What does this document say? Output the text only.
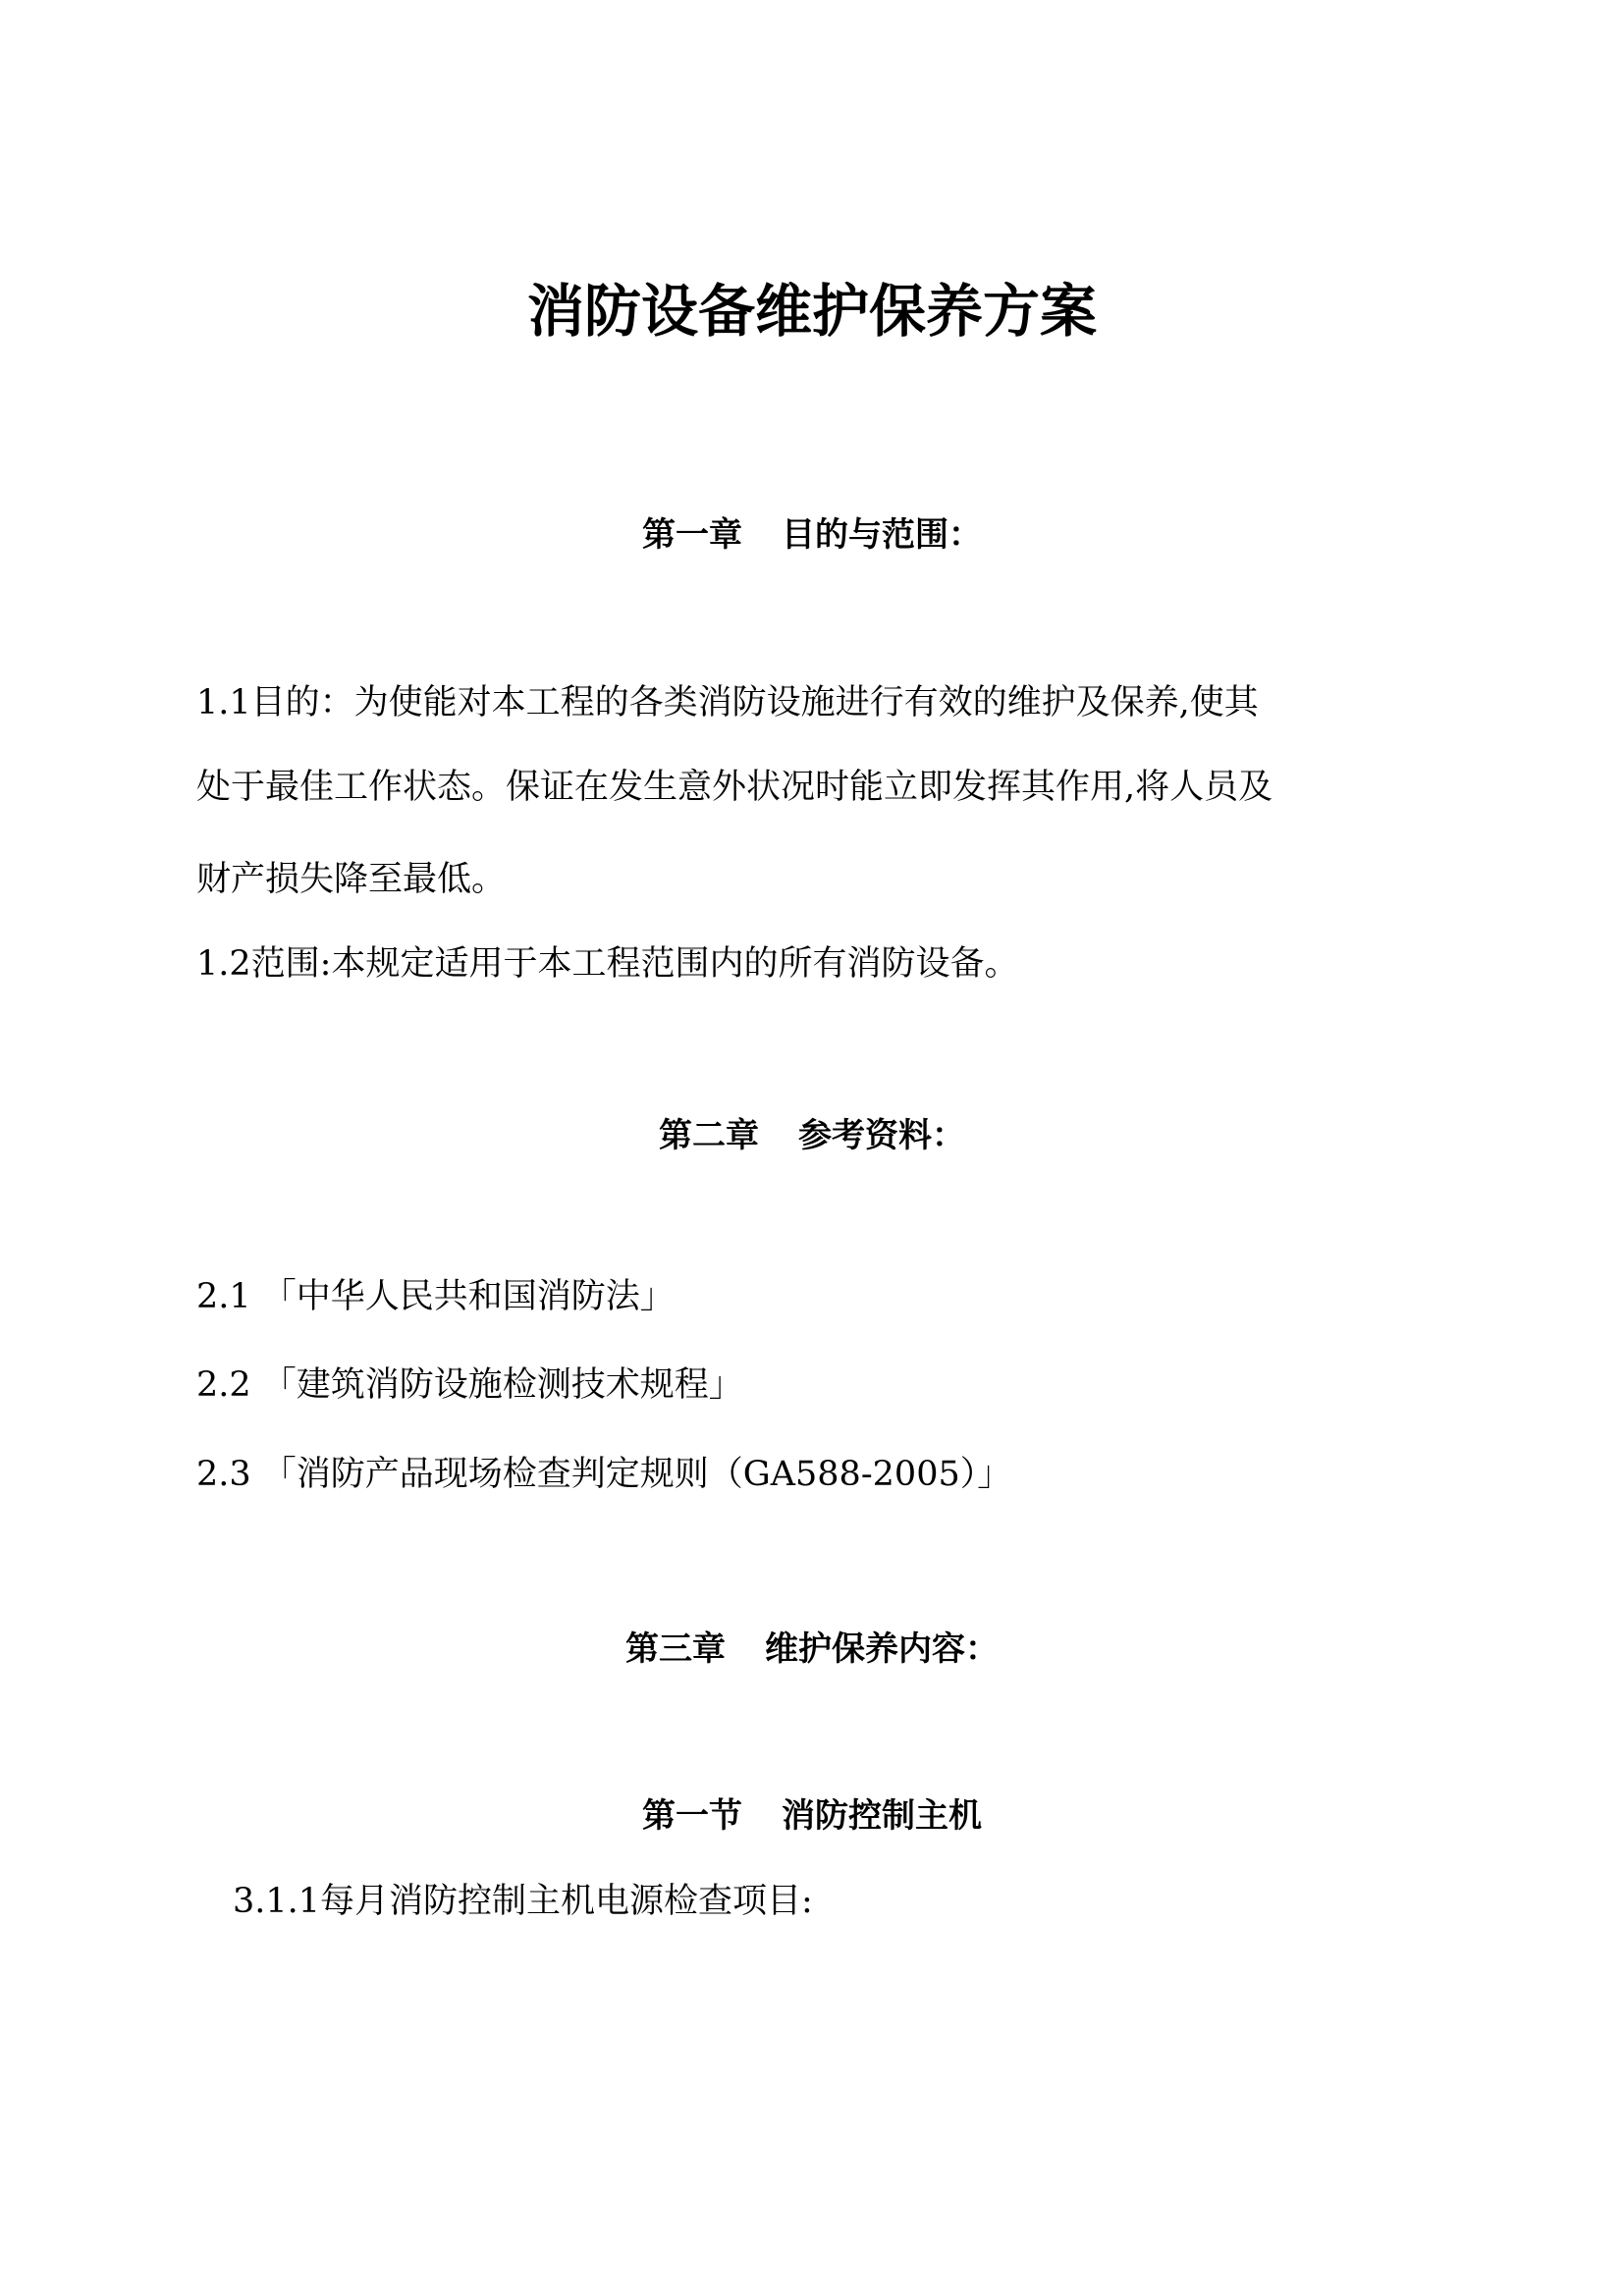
消防设备维护保养方案
第一章 目的与范围：
1.1目的：为使能对本工程的各类消防设施进行有效的维护及保养,使其
处于最佳工作状态。保证在发生意外状况时能立即发挥其作用,将人员及
财产损失降至最低。
1.2范围:本规定适用于本工程范围内的所有消防设备。
第二章 参考资料：
2.1 「中华人民共和国消防法」
2.2 「建筑消防设施检测技术规程」
2.3 「消防产品现场检查判定规则（GA588-2005）」
第三章 维护保养内容：
第一节 消防控制主机
3.1.1每月消防控制主机电源检查项目:
